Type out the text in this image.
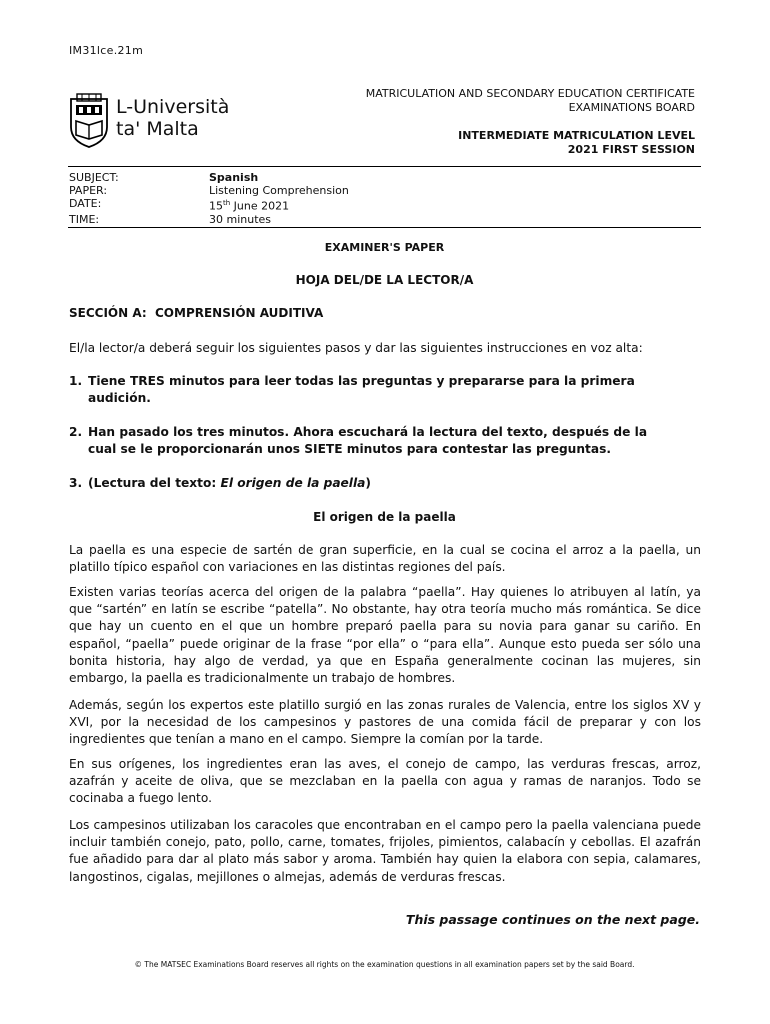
IM31lce.21m
L-Università
ta' Malta
MATRICULATION AND SECONDARY EDUCATION CERTIFICATE
EXAMINATIONS BOARD
INTERMEDIATE MATRICULATION LEVEL
2021 FIRST SESSION
SUBJECT:	Spanish
PAPER:	Listening Comprehension
DATE:	15th June 2021
TIME:	30 minutes
EXAMINER'S PAPER
HOJA DEL/DE LA LECTOR/A
SECCIÓN A:  COMPRENSIÓN AUDITIVA
El/la lector/a deberá seguir los siguientes pasos y dar las siguientes instrucciones en voz alta:
1. Tiene TRES minutos para leer todas las preguntas y prepararse para la primera
audición.
2. Han pasado los tres minutos. Ahora escuchará la lectura del texto, después de la
cual se le proporcionarán unos SIETE minutos para contestar las preguntas.
3. (Lectura del texto: El origen de la paella)
El origen de la paella
La paella es una especie de sartén de gran superficie, en la cual se cocina el arroz a la paella, un platillo típico español con variaciones en las distintas regiones del país.
Existen varias teorías acerca del origen de la palabra “paella”. Hay quienes lo atribuyen al latín, ya que “sartén” en latín se escribe “patella”. No obstante, hay otra teoría mucho más romántica. Se dice que hay un cuento en el que un hombre preparó paella para su novia para ganar su cariño. En español, “paella” puede originar de la frase “por ella” o “para ella”. Aunque esto pueda ser sólo una bonita historia, hay algo de verdad, ya que en España generalmente cocinan las mujeres, sin embargo, la paella es tradicionalmente un trabajo de hombres.
Además, según los expertos este platillo surgió en las zonas rurales de Valencia, entre los siglos XV y XVI, por la necesidad de los campesinos y pastores de una comida fácil de preparar y con los ingredientes que tenían a mano en el campo. Siempre la comían por la tarde.
En sus orígenes, los ingredientes eran las aves, el conejo de campo, las verduras frescas, arroz, azafrán y aceite de oliva, que se mezclaban en la paella con agua y ramas de naranjos. Todo se cocinaba a fuego lento.
Los campesinos utilizaban los caracoles que encontraban en el campo pero la paella valenciana puede incluir también conejo, pato, pollo, carne, tomates, frijoles, pimientos, calabacín y cebollas. El azafrán fue añadido para dar al plato más sabor y aroma. También hay quien la elabora con sepia, calamares, langostinos, cigalas, mejillones o almejas, además de verduras frescas.
This passage continues on the next page.
© The MATSEC Examinations Board reserves all rights on the examination questions in all examination papers set by the said Board.
